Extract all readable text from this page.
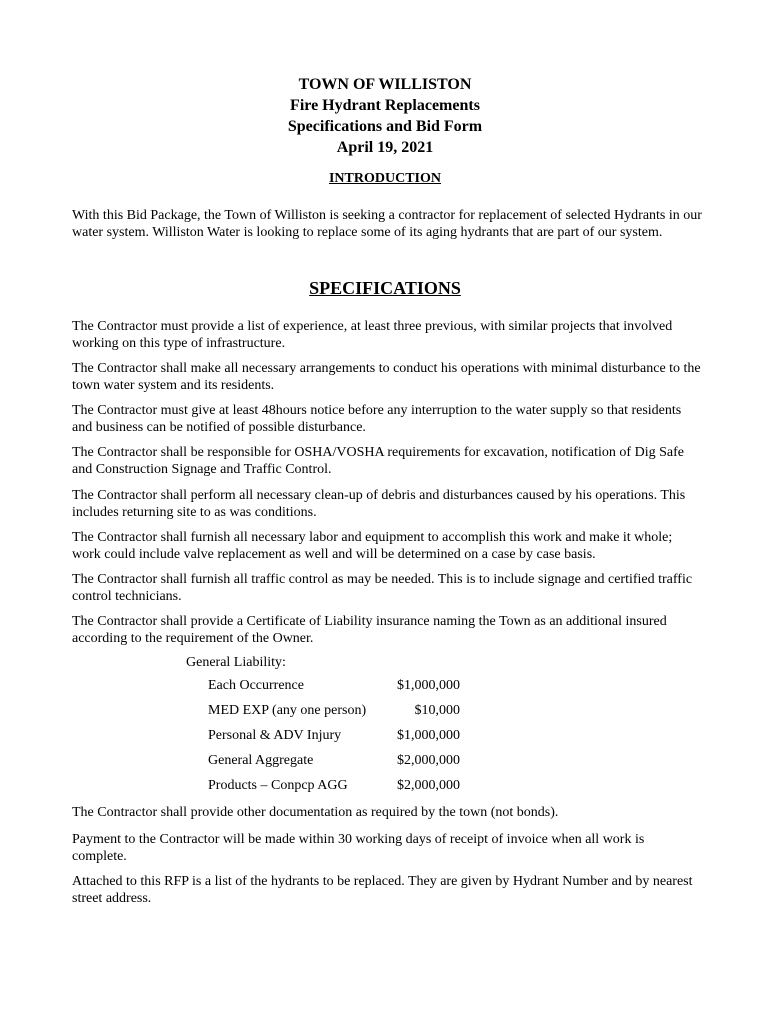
TOWN OF WILLISTON
Fire Hydrant Replacements
Specifications and Bid Form
April 19, 2021
INTRODUCTION
With this Bid Package, the Town of Williston is seeking a contractor for replacement of selected Hydrants in our water system. Williston Water is looking to replace some of its aging hydrants that are part of our system.
SPECIFICATIONS
The Contractor must provide a list of experience, at least three previous, with similar projects that involved working on this type of infrastructure.
The Contractor shall make all necessary arrangements to conduct his operations with minimal disturbance to the town water system and its residents.
The Contractor must give at least 48hours notice before any interruption to the water supply so that residents and business can be notified of possible disturbance.
The Contractor shall be responsible for OSHA/VOSHA requirements for excavation, notification of Dig Safe and Construction Signage and Traffic Control.
The Contractor shall perform all necessary clean-up of debris and disturbances caused by his operations. This includes returning site to as was conditions.
The Contractor shall furnish all necessary labor and equipment to accomplish this work and make it whole; work could include valve replacement as well and will be determined on a case by case basis.
The Contractor shall furnish all traffic control as may be needed. This is to include signage and certified traffic control technicians.
The Contractor shall provide a Certificate of Liability insurance naming the Town as an additional insured according to the requirement of the Owner.
General Liability:
Each Occurrence	$1,000,000
MED EXP (any one person)	$10,000
Personal & ADV Injury	$1,000,000
General Aggregate	$2,000,000
Products – Conpcp AGG	$2,000,000
The Contractor shall provide other documentation as required by the town (not bonds).
Payment to the Contractor will be made within 30 working days of receipt of invoice when all work is complete.
Attached to this RFP is a list of the hydrants to be replaced. They are given by Hydrant Number and by nearest street address.
